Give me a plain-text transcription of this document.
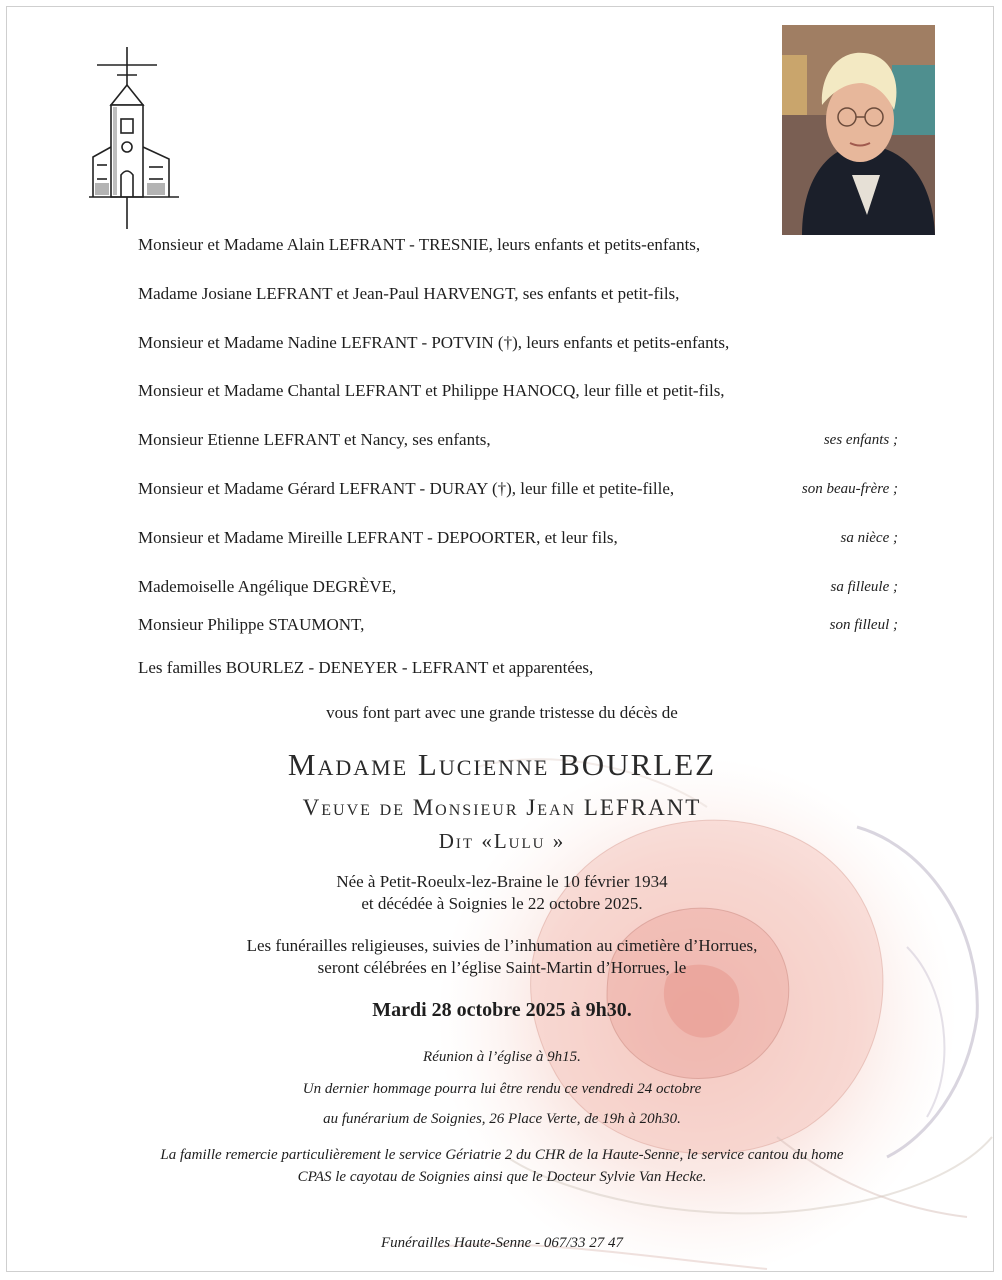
Monsieur et Madame Alain LEFRANT - TRESNIE, leurs enfants et petits-enfants,
Madame Josiane LEFRANT et Jean-Paul HARVENGT, ses enfants et petit-fils,
Monsieur et Madame Nadine LEFRANT - POTVIN (†), leurs enfants et petits-enfants,
Monsieur et Madame Chantal LEFRANT et Philippe HANOCQ, leur fille et petit-fils,
Monsieur Etienne LEFRANT et Nancy, ses enfants,	ses enfants ;
Monsieur et Madame Gérard LEFRANT - DURAY (†), leur fille et petite-fille,	son beau-frère ;
Monsieur et Madame Mireille LEFRANT - DEPOORTER, et leur fils,	sa nièce ;
Mademoiselle Angélique DEGRÈVE,	sa filleule ;
Monsieur Philippe STAUMONT,	son filleul ;
Les familles BOURLEZ - DENEYER - LEFRANT et apparentées,
vous font part avec une grande tristesse du décès de
Madame Lucienne BOURLEZ
Veuve de Monsieur Jean LEFRANT
Dit «Lulu »
Née à Petit-Roeulx-lez-Braine le 10 février 1934
et décédée à Soignies le 22 octobre 2025.
Les funérailles religieuses, suivies de l’inhumation au cimetière d’Horrues,
seront célébrées en l’église Saint-Martin d’Horrues, le
Mardi 28 octobre 2025 à 9h30.
Réunion à l’église à 9h15.
Un dernier hommage pourra lui être rendu ce vendredi 24 octobre
au funérarium de Soignies, 26 Place Verte, de 19h à 20h30.
La famille remercie particulièrement le service Gériatrie 2 du CHR de la Haute-Senne, le service cantou du home
CPAS le cayotau de Soignies ainsi que le Docteur Sylvie Van Hecke.
Funérailles Haute-Senne - 067/33 27 47
